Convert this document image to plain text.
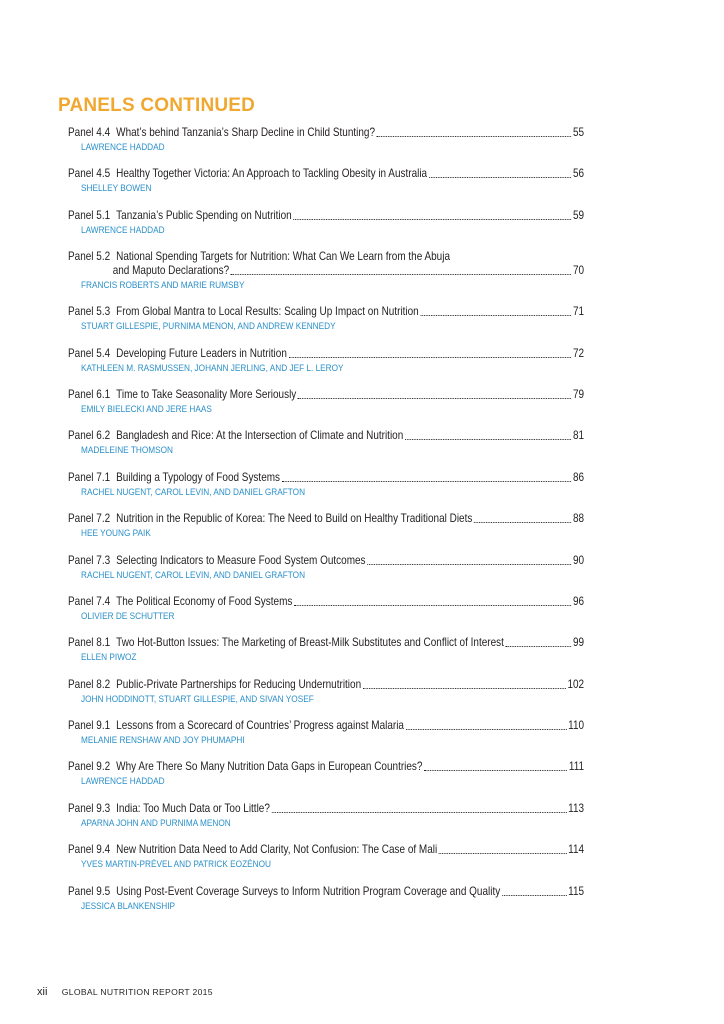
PANELS CONTINUED
Panel 4.4 What’s behind Tanzania’s Sharp Decline in Child Stunting?	55
LAWRENCE HADDAD
Panel 4.5 Healthy Together Victoria: An Approach to Tackling Obesity in Australia	56
SHELLEY BOWEN
Panel 5.1 Tanzania’s Public Spending on Nutrition	59
LAWRENCE HADDAD
Panel 5.2 National Spending Targets for Nutrition: What Can We Learn from the Abuja
and Maputo Declarations?	70
FRANCIS ROBERTS AND MARIE RUMSBY
Panel 5.3 From Global Mantra to Local Results: Scaling Up Impact on Nutrition	71
STUART GILLESPIE, PURNIMA MENON, AND ANDREW KENNEDY
Panel 5.4 Developing Future Leaders in Nutrition	72
KATHLEEN M. RASMUSSEN, JOHANN JERLING, AND JEF L. LEROY
Panel 6.1 Time to Take Seasonality More Seriously	79
EMILY BIELECKI AND JERE HAAS
Panel 6.2 Bangladesh and Rice: At the Intersection of Climate and Nutrition	81
MADELEINE THOMSON
Panel 7.1 Building a Typology of Food Systems	86
RACHEL NUGENT, CAROL LEVIN, AND DANIEL GRAFTON
Panel 7.2 Nutrition in the Republic of Korea: The Need to Build on Healthy Traditional Diets	88
HEE YOUNG PAIK
Panel 7.3 Selecting Indicators to Measure Food System Outcomes	90
RACHEL NUGENT, CAROL LEVIN, AND DANIEL GRAFTON
Panel 7.4 The Political Economy of Food Systems	96
OLIVIER DE SCHUTTER
Panel 8.1 Two Hot-Button Issues: The Marketing of Breast-Milk Substitutes and Conflict of Interest	99
ELLEN PIWOZ
Panel 8.2 Public-Private Partnerships for Reducing Undernutrition	102
JOHN HODDINOTT, STUART GILLESPIE, AND SIVAN YOSEF
Panel 9.1 Lessons from a Scorecard of Countries’ Progress against Malaria	110
MELANIE RENSHAW AND JOY PHUMAPHI
Panel 9.2 Why Are There So Many Nutrition Data Gaps in European Countries?	111
LAWRENCE HADDAD
Panel 9.3 India: Too Much Data or Too Little?	113
APARNA JOHN AND PURNIMA MENON
Panel 9.4 New Nutrition Data Need to Add Clarity, Not Confusion: The Case of Mali	114
YVES MARTIN-PRÉVEL AND PATRICK EOZÉNOU
Panel 9.5 Using Post-Event Coverage Surveys to Inform Nutrition Program Coverage and Quality	115
JESSICA BLANKENSHIP
xii GLOBAL NUTRITION REPORT 2015
